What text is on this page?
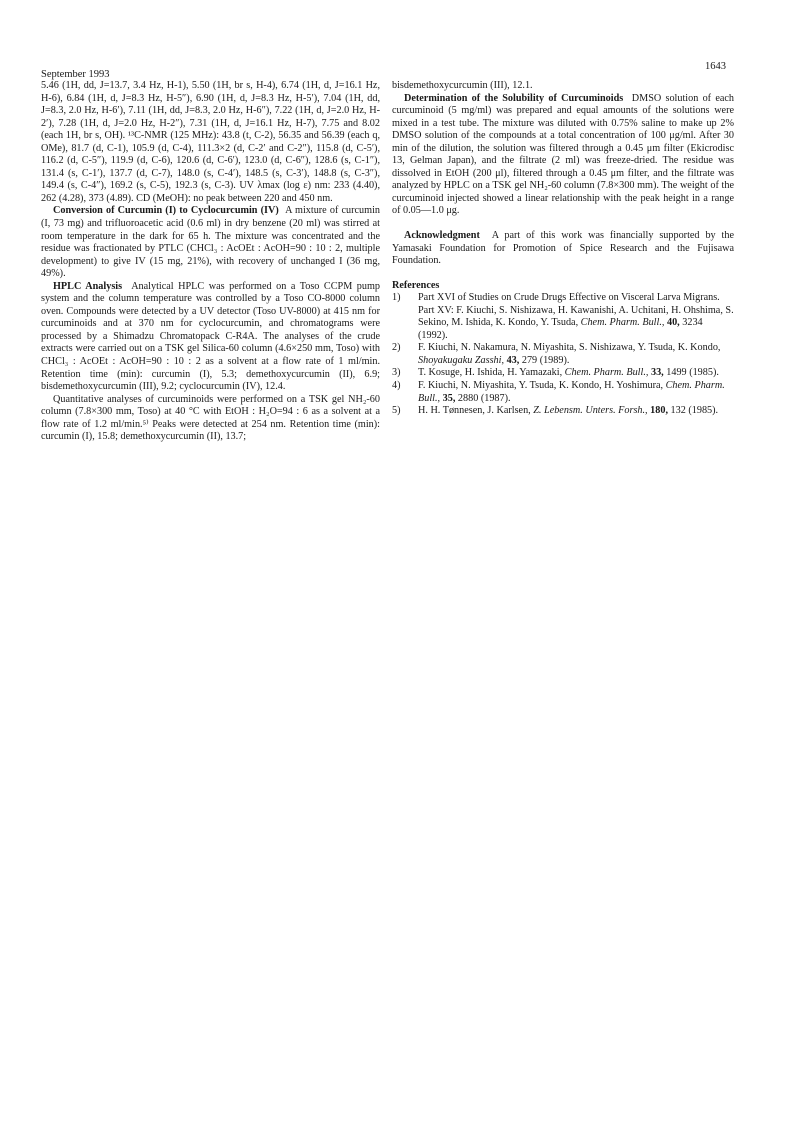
September 1993
1643

5.46 (1H, dd, J=13.7, 3.4 Hz, H-1), 5.50 (1H, br s, H-4), 6.74 (1H, d, J=16.1 Hz, H-6), 6.84 (1H, d, J=8.3 Hz, H-5″), 6.90 (1H, d, J=8.3 Hz, H-5′), 7.04 (1H, dd, J=8.3, 2.0 Hz, H-6′), 7.11 (1H, dd, J=8.3, 2.0 Hz, H-6″), 7.22 (1H, d, J=2.0 Hz, H-2′), 7.28 (1H, d, J=2.0 Hz, H-2″), 7.31 (1H, d, J=16.1 Hz, H-7), 7.75 and 8.02 (each 1H, br s, OH). ¹³C-NMR (125 MHz): 43.8 (t, C-2), 56.35 and 56.39 (each q, OMe), 81.7 (d, C-1), 105.9 (d, C-4), 111.3×2 (d, C-2′ and C-2″), 115.8 (d, C-5′), 116.2 (d, C-5″), 119.9 (d, C-6), 120.6 (d, C-6′), 123.0 (d, C-6″), 128.6 (s, C-1″), 131.4 (s, C-1′), 137.7 (d, C-7), 148.0 (s, C-4′), 148.5 (s, C-3′), 148.8 (s, C-3″), 149.4 (s, C-4″), 169.2 (s, C-5), 192.3 (s, C-3). UV λmax (log ε) nm: 233 (4.40), 262 (4.28), 373 (4.89). CD (MeOH): no peak between 220 and 450 nm.

Conversion of Curcumin (I) to Cyclocurcumin (IV) A mixture of curcumin (I, 73 mg) and trifluoroacetic acid (0.6 ml) in dry benzene (20 ml) was stirred at room temperature in the dark for 65 h. The mixture was concentrated and the residue was fractionated by PTLC (CHCl₃ : AcOEt : AcOH=90 : 10 : 2, multiple development) to give IV (15 mg, 21%), with recovery of unchanged I (36 mg, 49%).

HPLC Analysis Analytical HPLC was performed on a Toso CCPM pump system and the column temperature was controlled by a Toso CO-8000 column oven. Compounds were detected by a UV detector (Toso UV-8000) at 415 nm for curcuminoids and at 370 nm for cyclocurcumin, and chromatograms were processed by a Shimadzu Chromatopack C-R4A. The analyses of the crude extracts were carried out on a TSK gel Silica-60 column (4.6×250 mm, Toso) with CHCl₃ : AcOEt : AcOH=90 : 10 : 2 as a solvent at a flow rate of 1 ml/min. Retention time (min): curcumin (I), 5.3; demethoxycurcumin (II), 6.9; bisdemethoxycurcumin (III), 9.2; cyclocurcumin (IV), 12.4.

Quantitative analyses of curcuminoids were performed on a TSK gel NH₂-60 column (7.8×300 mm, Toso) at 40 °C with EtOH : H₂O=94 : 6 as a solvent at a flow rate of 1.2 ml/min.⁵⁾ Peaks were detected at 254 nm. Retention time (min): curcumin (I), 15.8; demethoxycurcumin (II), 13.7;

bisdemethoxycurcumin (III), 12.1.

Determination of the Solubility of Curcuminoids DMSO solution of each curcuminoid (5 mg/ml) was prepared and equal amounts of the solutions were mixed in a test tube. The mixture was diluted with 0.75% saline to make up 2% DMSO solution of the compounds at a total concentration of 100 μg/ml. After 30 min of the dilution, the solution was filtered through a 0.45 μm filter (Ekicrodisc 13, Gelman Japan), and the filtrate (2 ml) was freeze-dried. The residue was dissolved in EtOH (200 μl), filtered through a 0.45 μm filter, and the filtrate was analyzed by HPLC on a TSK gel NH₂-60 column (7.8×300 mm). The weight of the curcuminoid injected showed a linear relationship with the peak height in a range of 0.05—1.0 μg.

Acknowledgment A part of this work was financially supported by the Yamasaki Foundation for Promotion of Spice Research and the Fujisawa Foundation.

References

1)	Part XVI of Studies on Crude Drugs Effective on Visceral Larva Migrans. Part XV: F. Kiuchi, S. Nishizawa, H. Kawanishi, A. Uchitani, H. Ohshima, S. Sekino, M. Ishida, K. Kondo, Y. Tsuda, Chem. Pharm. Bull., 40, 3234 (1992).
2)	F. Kiuchi, N. Nakamura, N. Miyashita, S. Nishizawa, Y. Tsuda, K. Kondo, Shoyakugaku Zasshi, 43, 279 (1989).
3)	T. Kosuge, H. Ishida, H. Yamazaki, Chem. Pharm. Bull., 33, 1499 (1985).
4)	F. Kiuchi, N. Miyashita, Y. Tsuda, K. Kondo, H. Yoshimura, Chem. Pharm. Bull., 35, 2880 (1987).
5)	H. H. Tønnesen, J. Karlsen, Z. Lebensm. Unters. Forsh., 180, 132 (1985).
